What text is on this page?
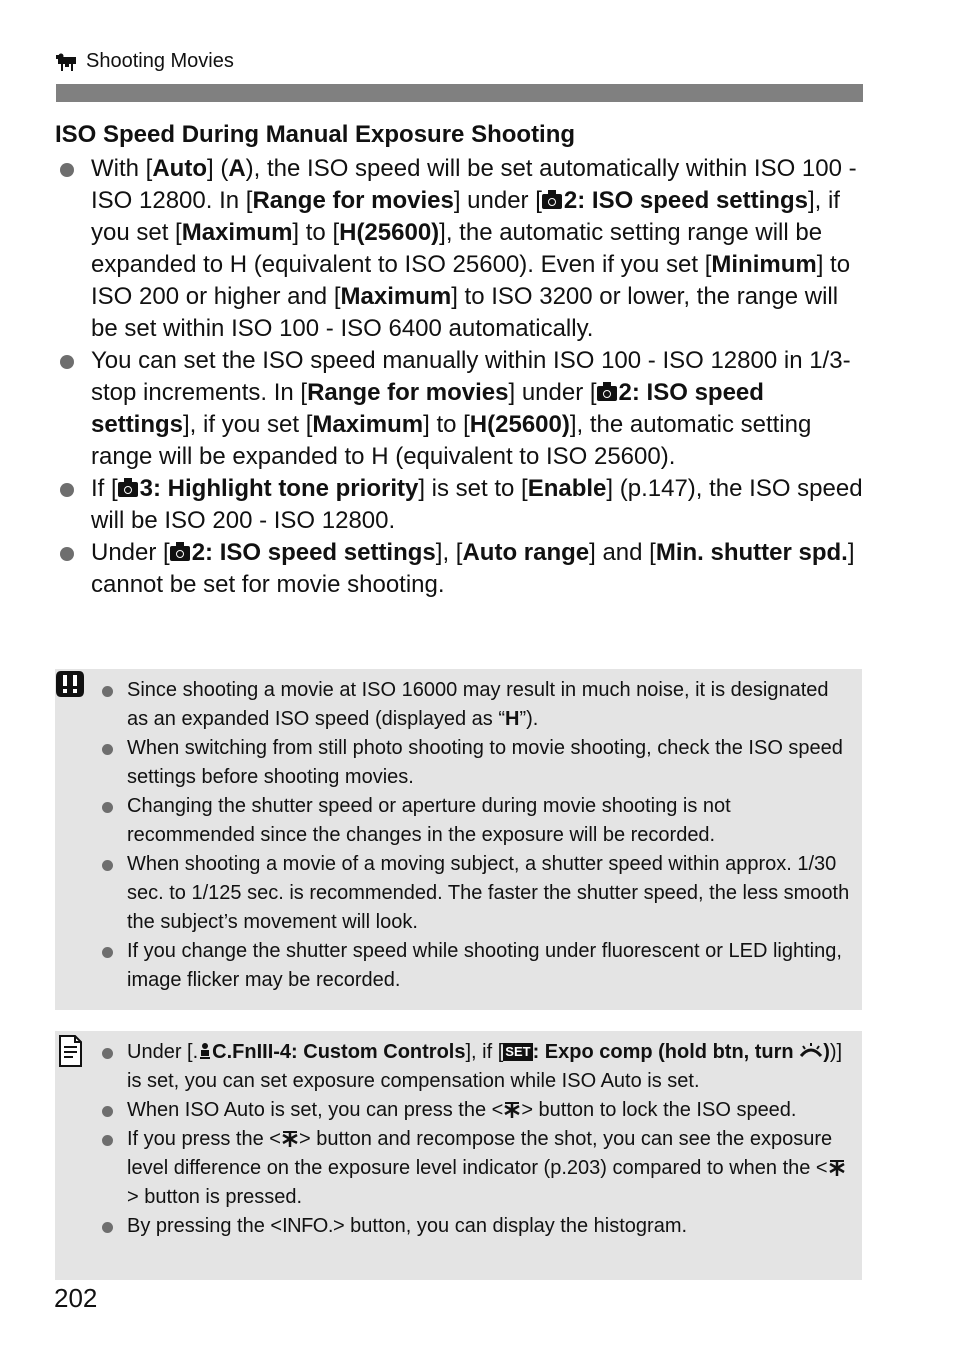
Shooting Movies
ISO Speed During Manual Exposure Shooting
With [Auto] (A), the ISO speed will be set automatically within ISO 100 - ISO 12800. In [Range for movies] under [ 2: ISO speed settings], if you set [Maximum] to [H(25600)], the automatic setting range will be expanded to H (equivalent to ISO 25600). Even if you set [Minimum] to ISO 200 or higher and [Maximum] to ISO 3200 or lower, the range will be set within ISO 100 - ISO 6400 automatically.
You can set the ISO speed manually within ISO 100 - ISO 12800 in 1/3-stop increments. In [Range for movies] under [ 2: ISO speed settings], if you set [Maximum] to [H(25600)], the automatic setting range will be expanded to H (equivalent to ISO 25600).
If [ 3: Highlight tone priority] is set to [Enable] (p.147), the ISO speed will be ISO 200 - ISO 12800.
Under [ 2: ISO speed settings], [Auto range] and [Min. shutter spd.] cannot be set for movie shooting.
Since shooting a movie at ISO 16000 may result in much noise, it is designated as an expanded ISO speed (displayed as “H”).
When switching from still photo shooting to movie shooting, check the ISO speed settings before shooting movies.
Changing the shutter speed or aperture during movie shooting is not recommended since the changes in the exposure will be recorded.
When shooting a movie of a moving subject, a shutter speed within approx. 1/30 sec. to 1/125 sec. is recommended. The faster the shutter speed, the less smooth the subject’s movement will look.
If you change the shutter speed while shooting under fluorescent or LED lighting, image flicker may be recorded.
Under [. C.FnIII-4: Custom Controls], if [ SET : Expo comp (hold btn, turn ))] is set, you can set exposure compensation while ISO Auto is set.
When ISO Auto is set, you can press the < > button to lock the ISO speed.
If you press the < > button and recompose the shot, you can see the exposure level difference on the exposure level indicator (p.203) compared to when the <> button is pressed.
By pressing the <INFO.> button, you can display the histogram.
202
